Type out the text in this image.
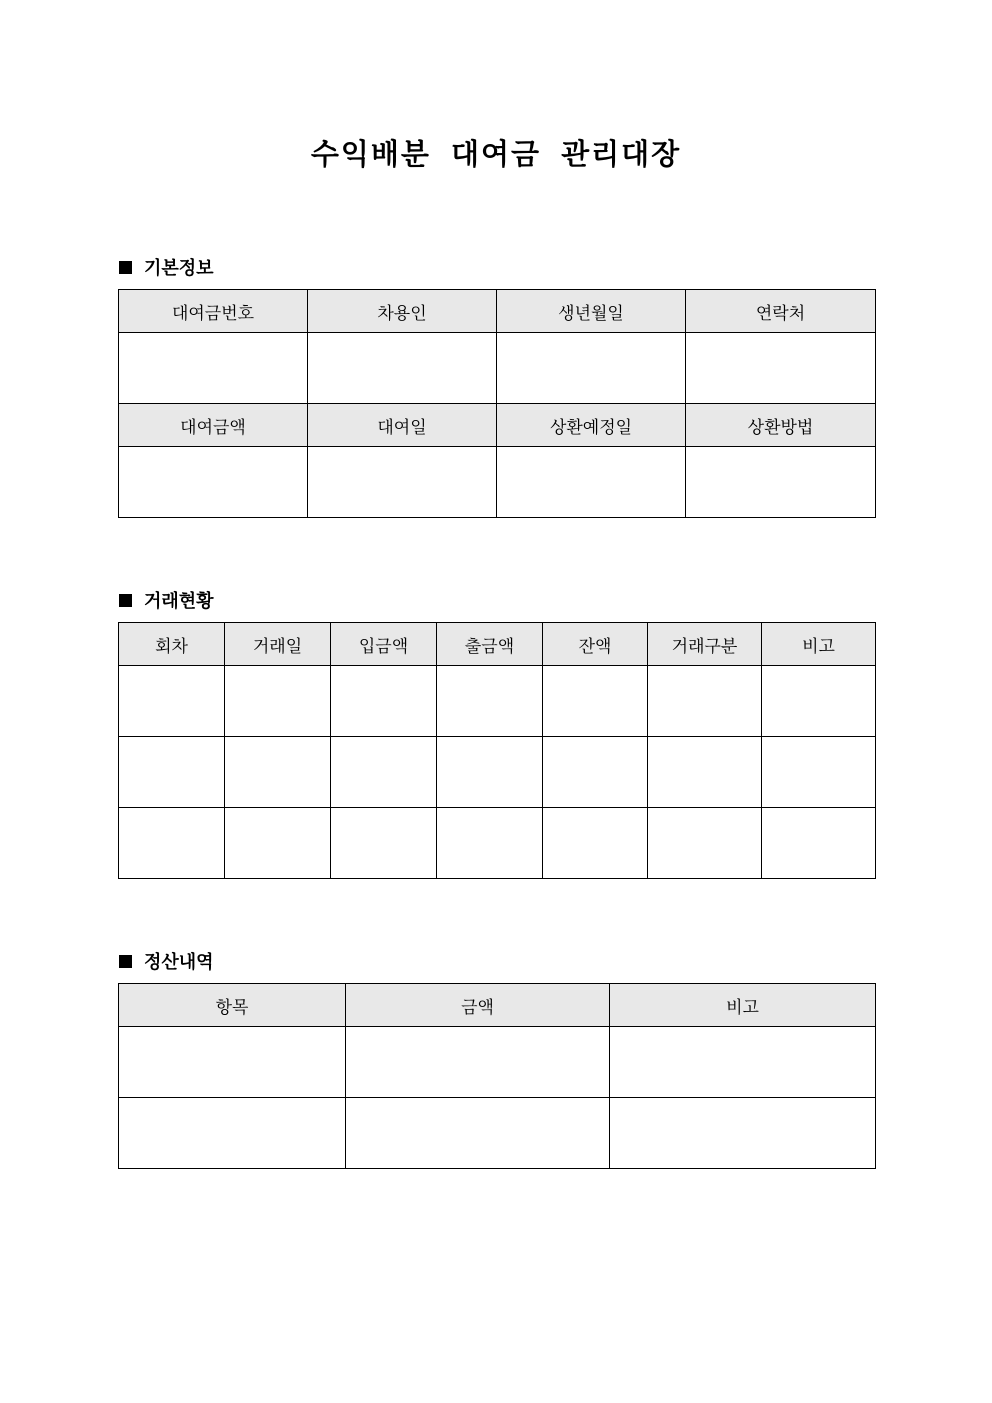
수익배분 대여금 관리대장
기본정보
대여금번호	차용인	생년월일	연락처

대여금액	대여일	상환예정일	상환방법

거래현황
회차	거래일	입금액	출금액	잔액	거래구분	비고

정산내역
항목	금액	비고
